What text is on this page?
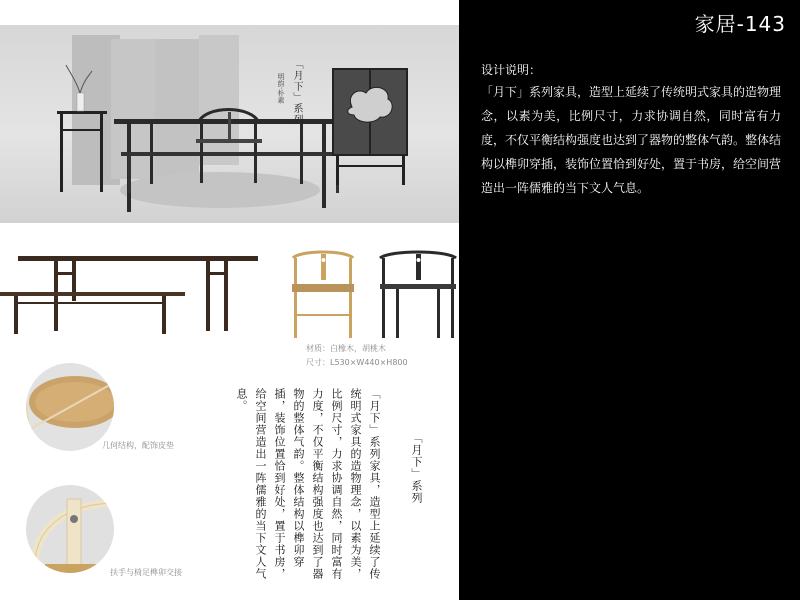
家居-143
设计说明：
「月下」系列家具，造型上延续了传统明式家具的造物理念，以素为美，比例尺寸，力求协调自然，同时富有力度，不仅平衡结构强度也达到了器物的整体气韵。整体结构以榫卯穿插，装饰位置恰到好处，置于书房，给空间营造出一阵儒雅的当下文人气息。
「月下」系列
明韵·朴素
材质：白橡木，胡桃木
尺寸：L530×W440×H800
几何结构，配饰皮垫
扶手与椅足榫卯交接	「月下」系列家具，造型上延续了传统明式家具的造物理念，以素为美，比例尺寸，力求协调自然，同时富有力度，不仅平衡结构强度也达到了器物的整体气韵。整体结构以榫卯穿插，装饰位置恰到好处，置于书房，给空间营造出一阵儒雅的当下文人气息。
「月下」系列
